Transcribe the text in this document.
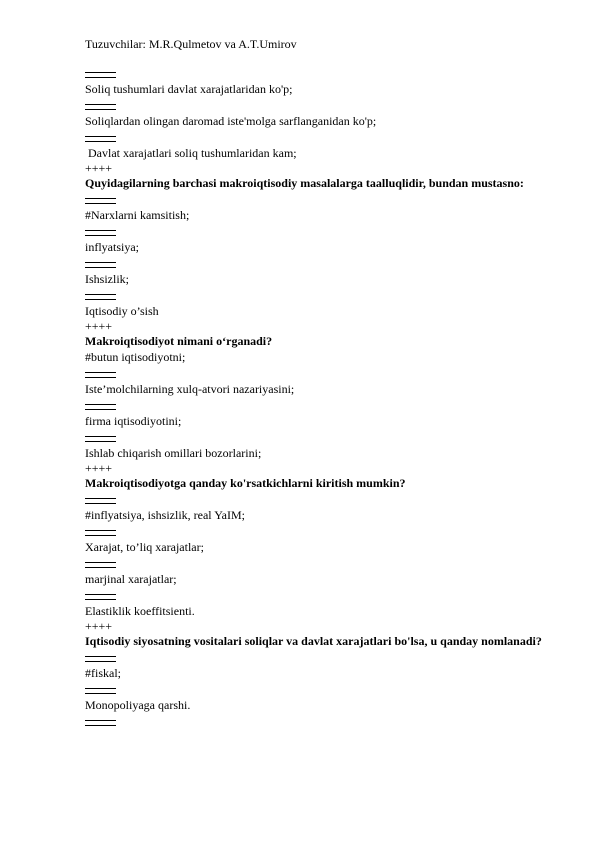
Tuzuvchilar: M.R.Qulmetov va A.T.Umirov
Soliq tushumlari davlat xarajatlaridan ko'p;
Soliqlardan olingan daromad iste'molga sarflanganidan ko'p;
Davlat xarajatlari soliq tushumlaridan kam;
++++
Quyidagilarning barchasi makroiqtisodiy masalalarga taalluqlidir, bundan mustasno:
#Narxlarni kamsitish;
inflyatsiya;
Ishsizlik;
Iqtisodiy o’sish
++++
Makroiqtisodiyot nimani o‘rganadi?
#butun iqtisodiyotni;
Iste’molchilarning xulq-atvori nazariyasini;
firma iqtisodiyotini;
Ishlab chiqarish omillari bozorlarini;
++++
Makroiqtisodiyotga qanday ko'rsatkichlarni kiritish mumkin?
#inflyatsiya, ishsizlik, real YaIM;
Xarajat, to’liq xarajatlar;
marjinal xarajatlar;
Elastiklik koeffitsienti.
++++
Iqtisodiy siyosatning vositalari soliqlar va davlat xarajatlari bo'lsa, u qanday nomlanadi?
#fiskal;
Monopoliyaga qarshi.
